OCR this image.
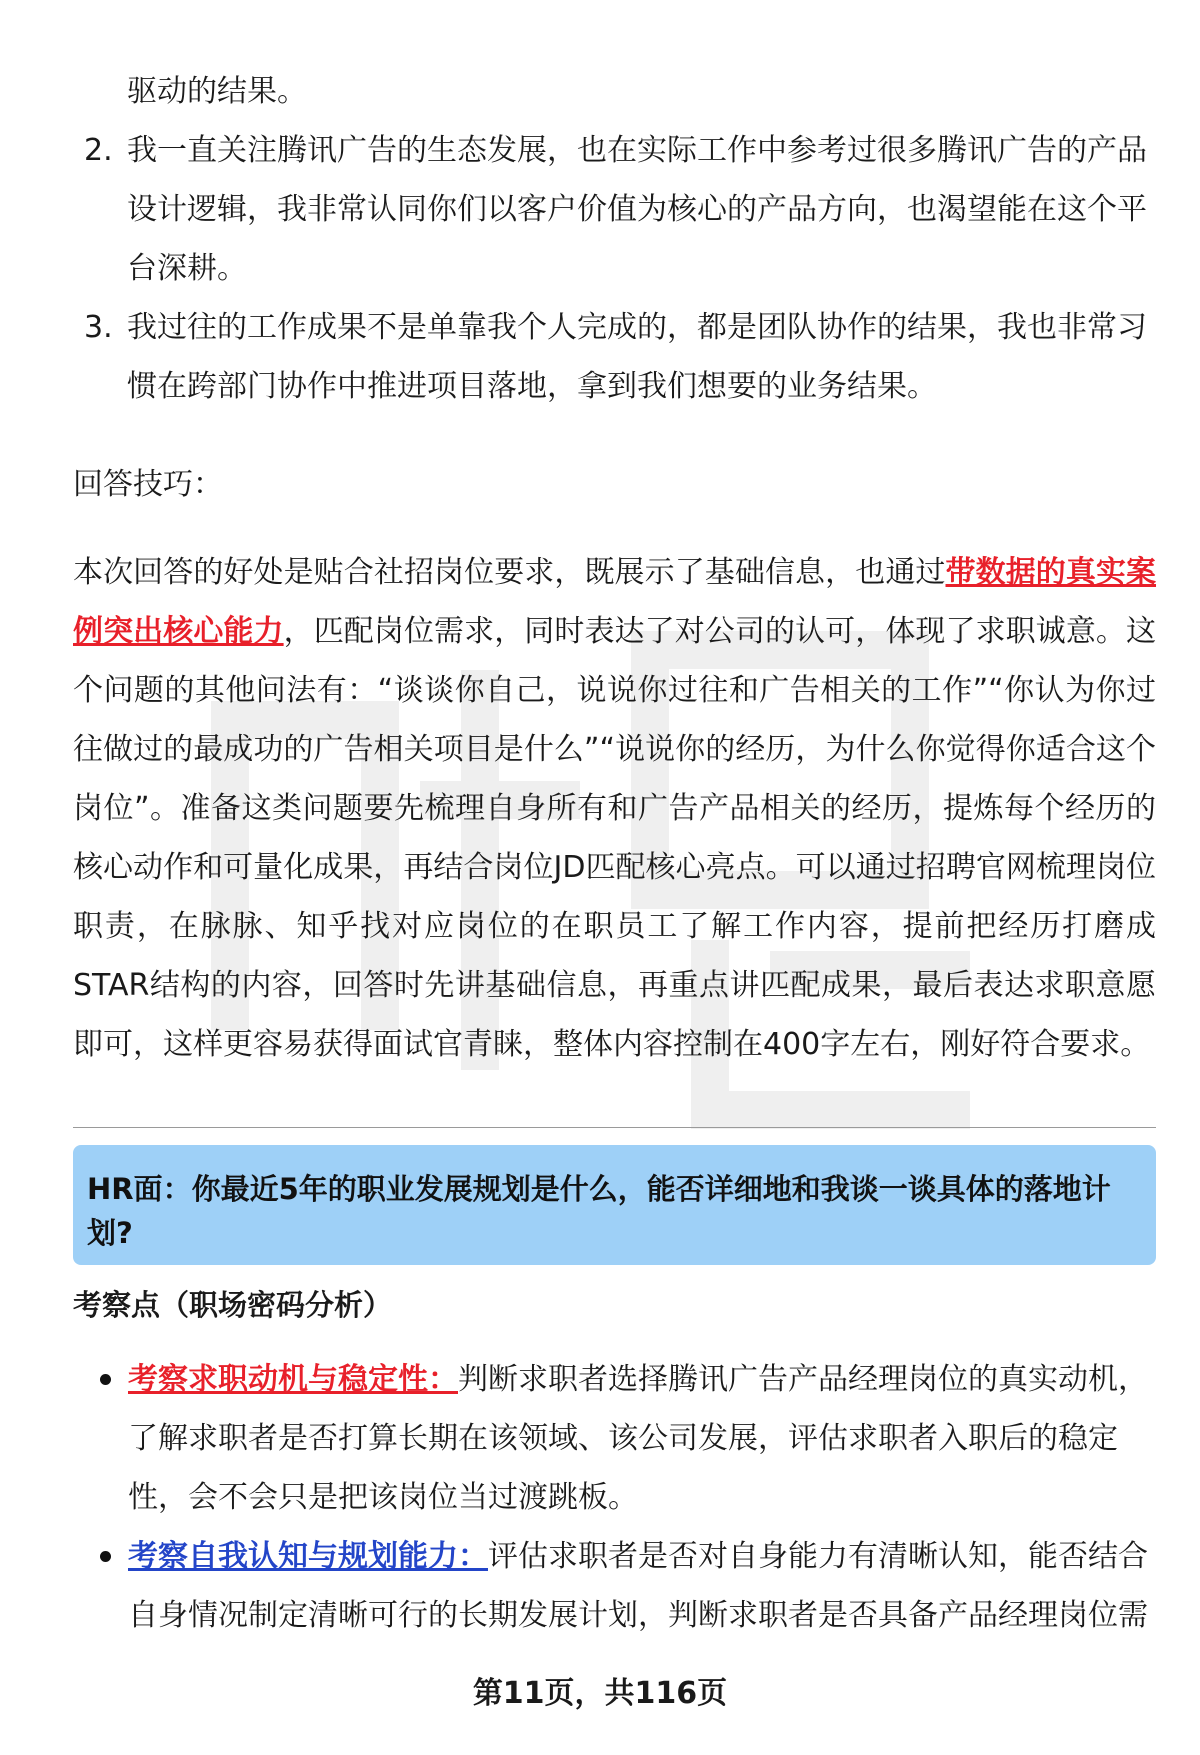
驱动的结果。
2. 我一直关注腾讯广告的生态发展，也在实际工作中参考过很多腾讯广告的产品设计逻辑，我非常认同你们以客户价值为核心的产品方向，也渴望能在这个平台深耕。
3. 我过往的工作成果不是单靠我个人完成的，都是团队协作的结果，我也非常习惯在跨部门协作中推进项目落地，拿到我们想要的业务结果。
回答技巧：
本次回答的好处是贴合社招岗位要求，既展示了基础信息，也通过带数据的真实案例突出核心能力，匹配岗位需求，同时表达了对公司的认可，体现了求职诚意。这个问题的其他问法有：“谈谈你自己，说说你过往和广告相关的工作”“你认为你过往做过的最成功的广告相关项目是什么”“说说你的经历，为什么你觉得你适合这个岗位”。准备这类问题要先梳理自身所有和广告产品相关的经历，提炼每个经历的核心动作和可量化成果，再结合岗位JD匹配核心亮点。可以通过招聘官网梳理岗位职责，在脉脉、知乎找对应岗位的在职员工了解工作内容，提前把经历打磨成STAR结构的内容，回答时先讲基础信息，再重点讲匹配成果，最后表达求职意愿即可，这样更容易获得面试官青睐，整体内容控制在400字左右，刚好符合要求。
HR面：你最近5年的职业发展规划是什么，能否详细地和我谈一谈具体的落地计划?
考察点（职场密码分析）
考察求职动机与稳定性：判断求职者选择腾讯广告产品经理岗位的真实动机，了解求职者是否打算长期在该领域、该公司发展，评估求职者入职后的稳定性，会不会只是把该岗位当过渡跳板。
考察自我认知与规划能力：评估求职者是否对自身能力有清晰认知，能否结合自身情况制定清晰可行的长期发展计划，判断求职者是否具备产品经理岗位需
第11页，共116页
